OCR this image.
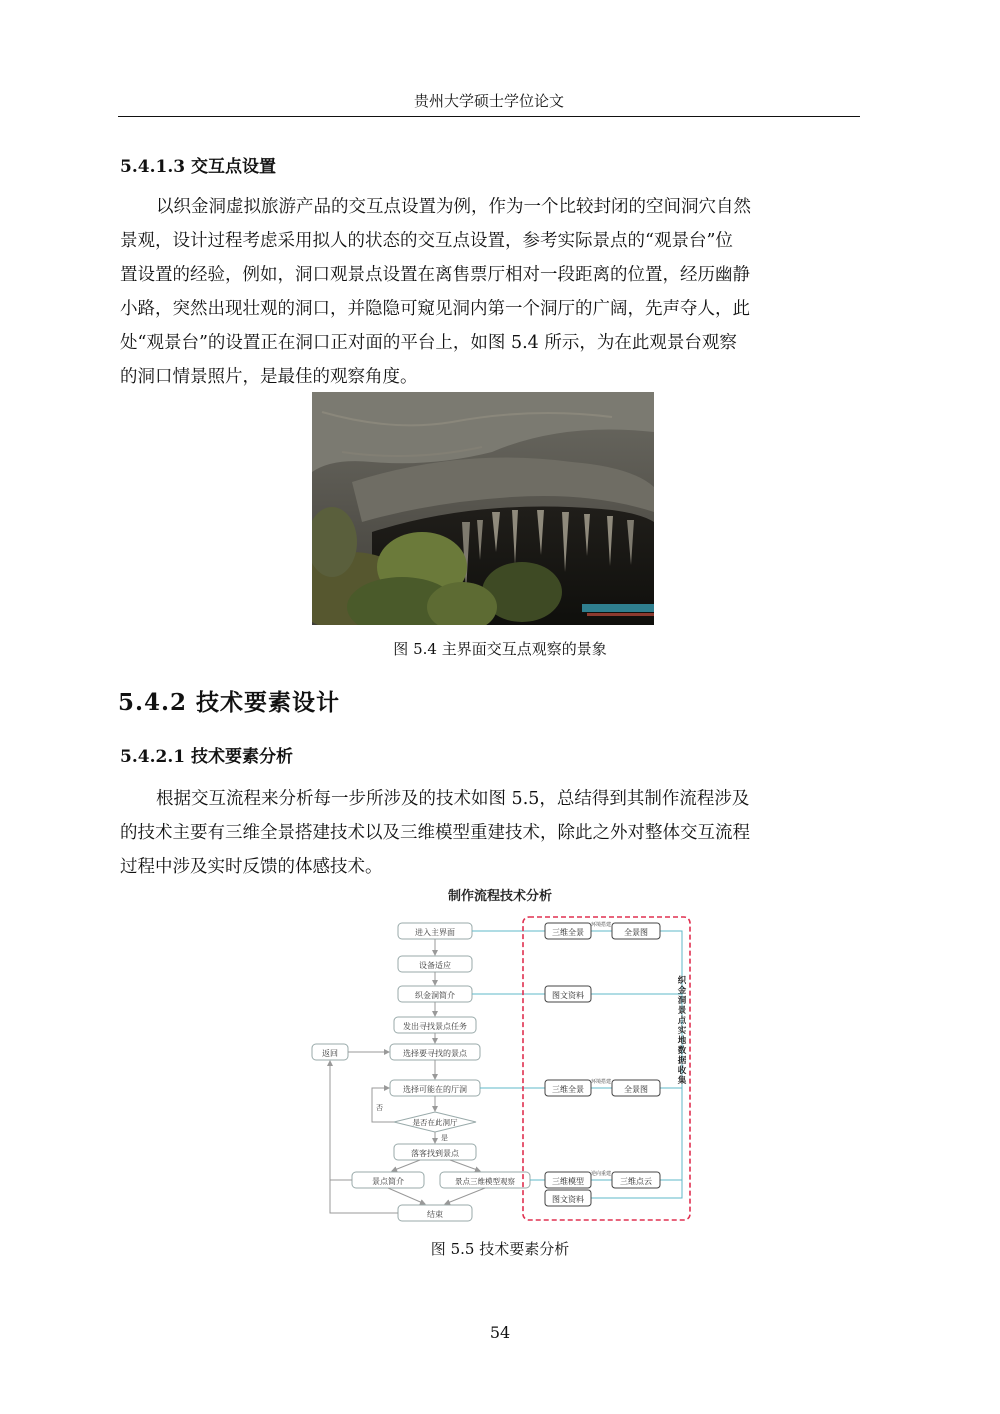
贵州大学硕士学位论文
5.4.1.3 交互点设置
以织金洞虚拟旅游产品的交互点设置为例，作为一个比较封闭的空间洞穴自然
景观，设计过程考虑采用拟人的状态的交互点设置，参考实际景点的“观景台”位
置设置的经验，例如，洞口观景点设置在离售票厅相对一段距离的位置，经历幽静
小路，突然出现壮观的洞口，并隐隐可窥见洞内第一个洞厅的广阔，先声夺人，此
处“观景台”的设置正在洞口正对面的平台上，如图 5.4 所示，为在此观景台观察
的洞口情景照片，是最佳的观察角度。
图 5.4 主界面交互点观察的景象
5.4.2 技术要素设计
5.4.2.1 技术要素分析
根据交互流程来分析每一步所涉及的技术如图 5.5，总结得到其制作流程涉及
的技术主要有三维全景搭建技术以及三维模型重建技术，除此之外对整体交互流程
过程中涉及实时反馈的体感技术。
制作流程技术分析
进入主界面
设备适应
织金洞简介
发出寻找景点任务
选择要寻找的景点
选择可能在的厅洞
是否在此洞厅
落客找到景点
景点简介	景点三维模型观察
结束
返回
否
是
三维全景	全景图
图文资料
三维全景	全景图
三维模型	三维点云
图文资料
环境搭建
环境搭建
逆向重建
织
金
洞
景
点
实
地
数
据
收
集
图 5.5 技术要素分析
54
